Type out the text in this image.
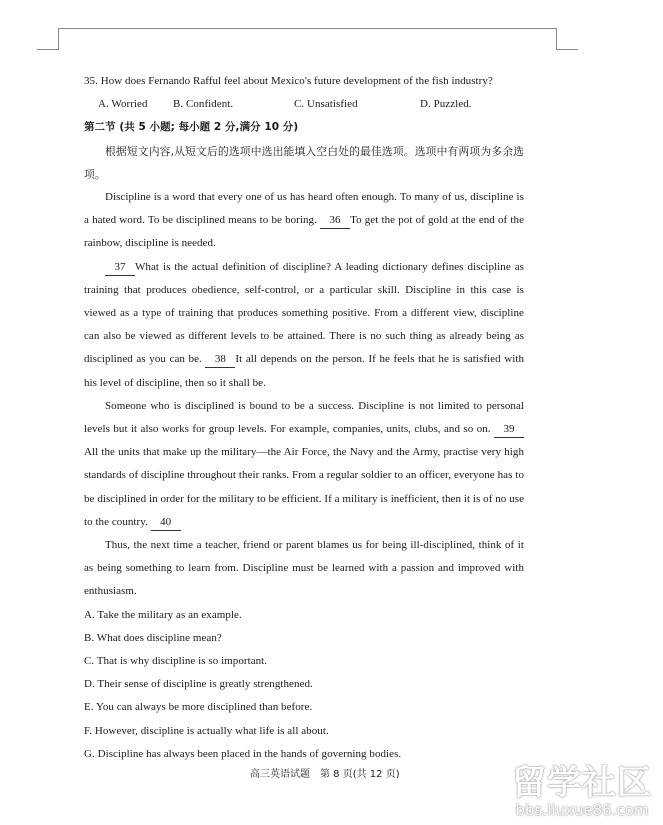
35. How does Fernando Rafful feel about Mexico's future development of the fish industry?

A. Worried	B. Confident.	C. Unsatisfied	D. Puzzled.

第二节 (共 5 小题; 每小题 2 分,满分 10 分)

根据短文内容,从短文后的选项中选出能填入空白处的最佳选项。选项中有两项为多余选项。

Discipline is a word that every one of us has heard often enough. To many of us, discipline is a hated word. To be disciplined means to be boring. 36 To get the pot of gold at the end of the rainbow, discipline is needed.

37 What is the actual definition of discipline? A leading dictionary defines discipline as training that produces obedience, self-control, or a particular skill. Discipline in this case is viewed as a type of training that produces something positive. From a different view, discipline can also be viewed as different levels to be attained. There is no such thing as already being as disciplined as you can be. 38 It all depends on the person. If he feels that he is satisfied with his level of discipline, then so it shall be.

Someone who is disciplined is bound to be a success. Discipline is not limited to personal levels but it also works for group levels. For example, companies, units, clubs, and so on. 39All the units that make up the military—the Air Force, the Navy and the Army, practise very high standards of discipline throughout their ranks. From a regular soldier to an officer, everyone has to be disciplined in order for the military to be efficient. If a military is inefficient, then it is of no use to the country. 40

Thus, the next time a teacher, friend or parent blames us for being ill-disciplined, think of it as being something to learn from. Discipline must be learned with a passion and improved with enthusiasm.

A. Take the military as an example.

B. What does discipline mean?

C. That is why discipline is so important.

D. Their sense of discipline is greatly strengthened.

E. You can always be more disciplined than before.

F. However, discipline is actually what life is all about.

G. Discipline has always been placed in the hands of governing bodies.

高三英语试题　第 8 页(共 12 页)	留学社区
bbs.liuxue86.com
